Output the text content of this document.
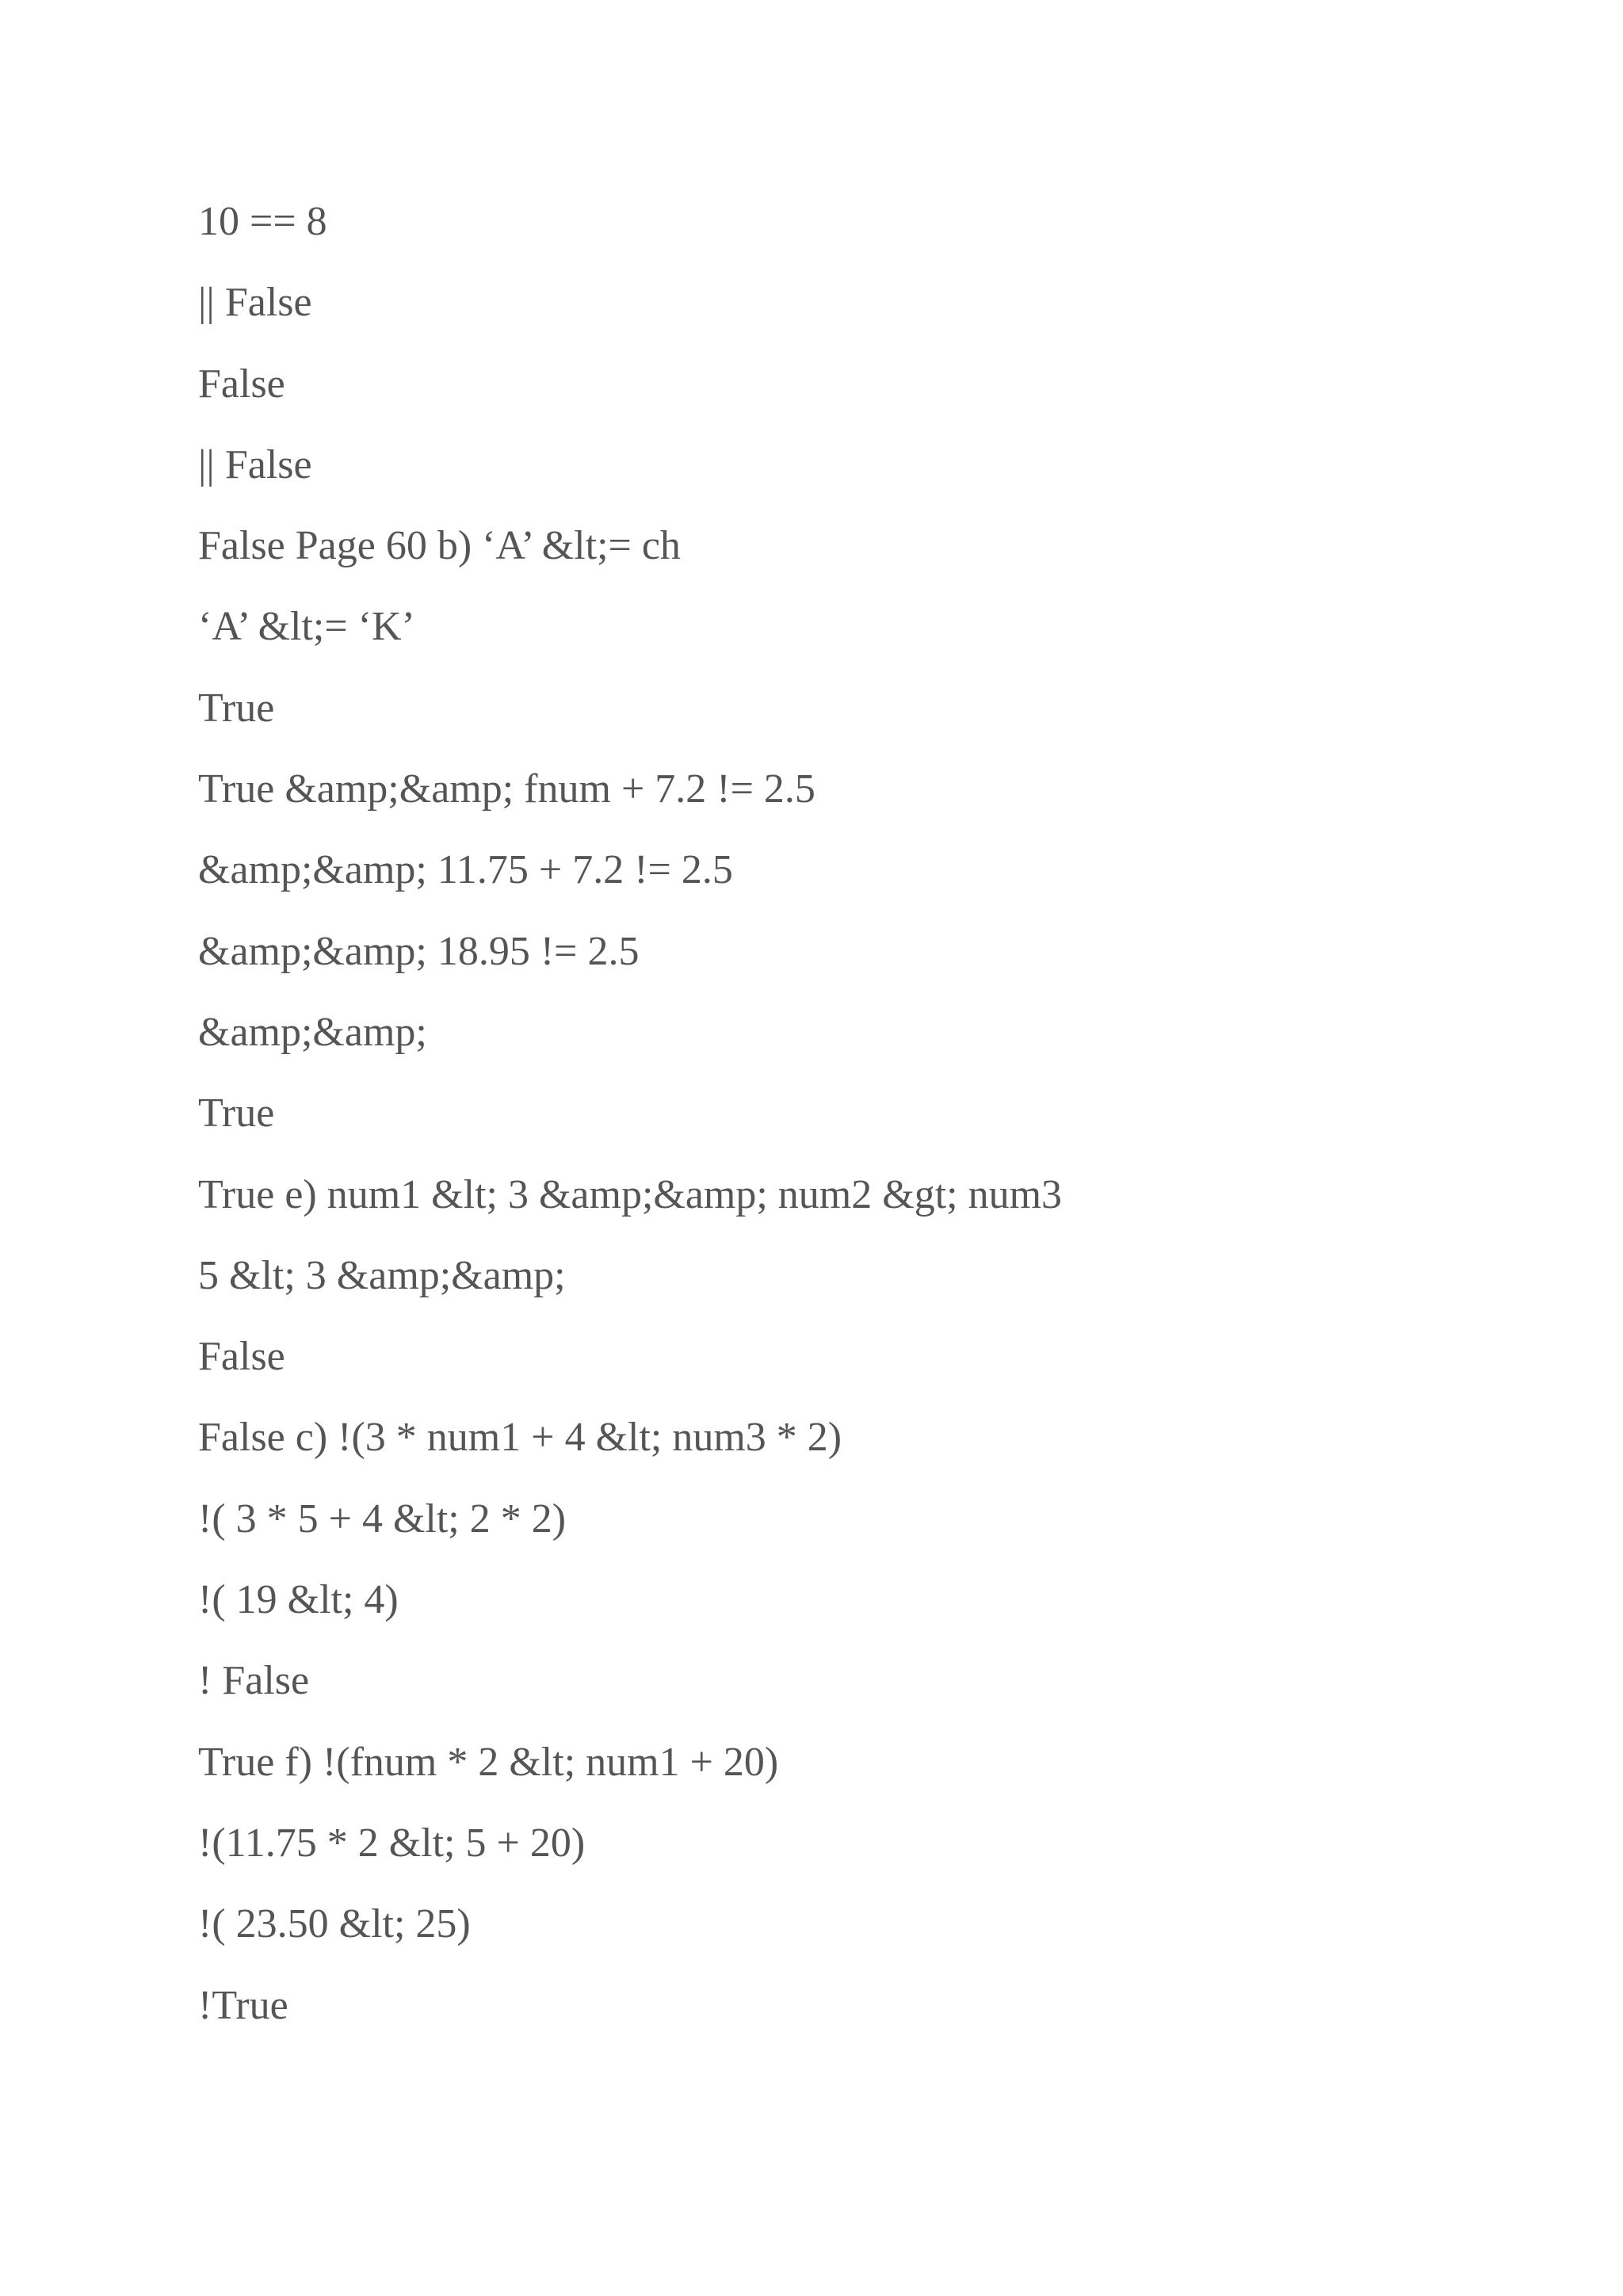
10 == 8
|| False
False
|| False
False Page 60 b) ‘A’ &lt;= ch
‘A’ &lt;= ‘K’
True
True &amp;&amp; fnum + 7.2 != 2.5
&amp;&amp; 11.75 + 7.2 != 2.5
&amp;&amp; 18.95 != 2.5
&amp;&amp;
True
True e) num1 &lt; 3 &amp;&amp; num2 &gt; num3
5 &lt; 3 &amp;&amp;
False
False c) !(3 * num1 + 4 &lt; num3 * 2)
!( 3 * 5 + 4 &lt; 2 * 2)
!( 19 &lt; 4)
! False
True f) !(fnum * 2 &lt; num1 + 20)
!(11.75 * 2 &lt; 5 + 20)
!( 23.50 &lt; 25)
!True
